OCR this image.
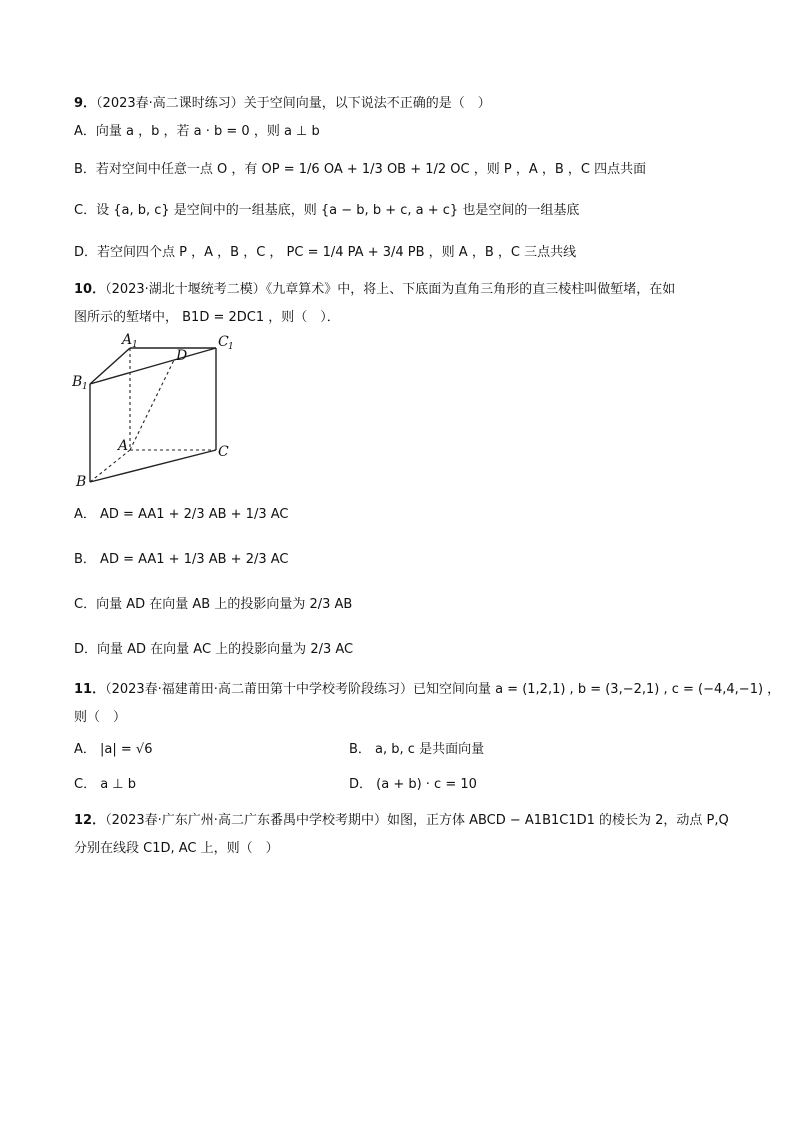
9．（2023春·高二课时练习）关于空间向量，以下说法不正确的是（　）
A．向量 a ，b ，若 a · b = 0 ，则 a ⊥ b
B．若对空间中任意一点 O ，有 OP = 1/6 OA + 1/3 OB + 1/2 OC ，则 P ，A ，B ，C 四点共面
C．设 {a, b, c} 是空间中的一组基底，则 {a − b, b + c, a + c} 也是空间的一组基底
D．若空间四个点 P ，A ，B ，C ， PC = 1/4 PA + 3/4 PB ，则 A ，B ，C 三点共线
10．（2023·湖北十堰统考二模）《九章算术》中，将上、下底面为直角三角形的直三棱柱叫做堑堵，在如
图所示的堑堵中， B1D = 2DC1 ，则（　）．
A 1	C 1
B 1
D
A	C
B
A． AD = AA1 + 2/3 AB + 1/3 AC
B． AD = AA1 + 1/3 AB + 2/3 AC
C．向量 AD 在向量 AB 上的投影向量为 2/3 AB
D．向量 AD 在向量 AC 上的投影向量为 2/3 AC
11．（2023春·福建莆田·高二莆田第十中学校考阶段练习）已知空间向量 a = (1,2,1) , b = (3,−2,1) , c = (−4,4,−1) ，
则（　）
A． |a| = √6	B． a, b, c 是共面向量
C． a ⊥ b	D． (a + b) · c = 10
12．（2023春·广东广州·高二广东番禺中学校考期中）如图，正方体 ABCD − A1B1C1D1 的棱长为 2，动点 P,Q
分别在线段 C1D, AC 上，则（　）
